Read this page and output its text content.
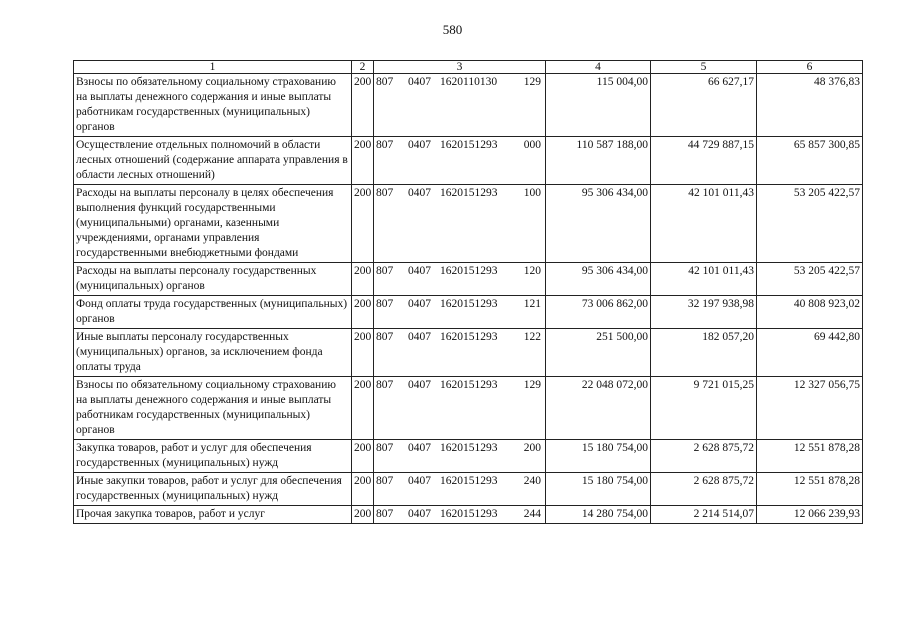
580
1	2	3	4	5	6
Взносы по обязательному социальному страхованию на выплаты денежного содержания и иные выплаты работникам государственных (муниципальных) органов	200	807 0407 1620110130 129	115 004,00	66 627,17	48 376,83
Осуществление отдельных полномочий в области лесных отношений (содержание аппарата управления в области лесных отношений)	200	807 0407 1620151293 000	110 587 188,00	44 729 887,15	65 857 300,85
Расходы на выплаты персоналу в целях обеспечения выполнения функций государственными (муниципальными) органами, казенными учреждениями, органами управления государственными внебюджетными фондами	200	807 0407 1620151293 100	95 306 434,00	42 101 011,43	53 205 422,57
Расходы на выплаты персоналу государственных (муниципальных) органов	200	807 0407 1620151293 120	95 306 434,00	42 101 011,43	53 205 422,57
Фонд оплаты труда государственных (муниципальных) органов	200	807 0407 1620151293 121	73 006 862,00	32 197 938,98	40 808 923,02
Иные выплаты персоналу государственных (муниципальных) органов, за исключением фонда оплаты труда	200	807 0407 1620151293 122	251 500,00	182 057,20	69 442,80
Взносы по обязательному социальному страхованию на выплаты денежного содержания и иные выплаты работникам государственных (муниципальных) органов	200	807 0407 1620151293 129	22 048 072,00	9 721 015,25	12 327 056,75
Закупка товаров, работ и услуг для обеспечения государственных (муниципальных) нужд	200	807 0407 1620151293 200	15 180 754,00	2 628 875,72	12 551 878,28
Иные закупки товаров, работ и услуг для обеспечения государственных (муниципальных) нужд	200	807 0407 1620151293 240	15 180 754,00	2 628 875,72	12 551 878,28
Прочая закупка товаров, работ и услуг	200	807 0407 1620151293 244	14 280 754,00	2 214 514,07	12 066 239,93
